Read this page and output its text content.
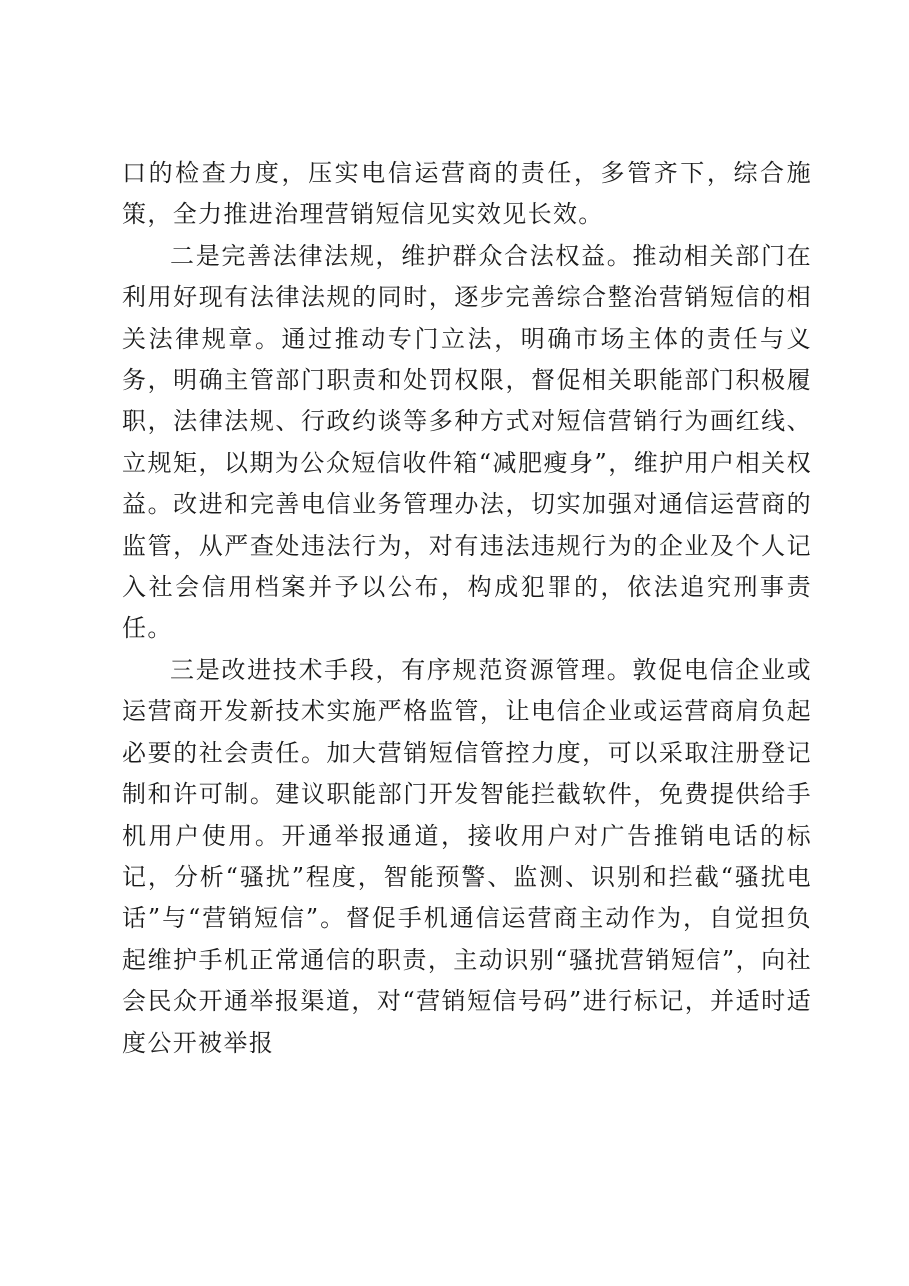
口的检查力度，压实电信运营商的责任，多管齐下，综合施策，全力推进治理营销短信见实效见长效。

二是完善法律法规，维护群众合法权益。推动相关部门在利用好现有法律法规的同时，逐步完善综合整治营销短信的相关法律规章。通过推动专门立法，明确市场主体的责任与义务，明确主管部门职责和处罚权限，督促相关职能部门积极履职，法律法规、行政约谈等多种方式对短信营销行为画红线、立规矩，以期为公众短信收件箱“减肥瘦身”，维护用户相关权益。改进和完善电信业务管理办法，切实加强对通信运营商的监管，从严查处违法行为，对有违法违规行为的企业及个人记入社会信用档案并予以公布，构成犯罪的，依法追究刑事责任。

三是改进技术手段，有序规范资源管理。敦促电信企业或运营商开发新技术实施严格监管，让电信企业或运营商肩负起必要的社会责任。加大营销短信管控力度，可以采取注册登记制和许可制。建议职能部门开发智能拦截软件，免费提供给手机用户使用。开通举报通道，接收用户对广告推销电话的标记，分析“骚扰”程度，智能预警、监测、识别和拦截“骚扰电话”与“营销短信”。督促手机通信运营商主动作为，自觉担负起维护手机正常通信的职责，主动识别“骚扰营销短信”，向社会民众开通举报渠道，对“营销短信号码”进行标记，并适时适度公开被举报
